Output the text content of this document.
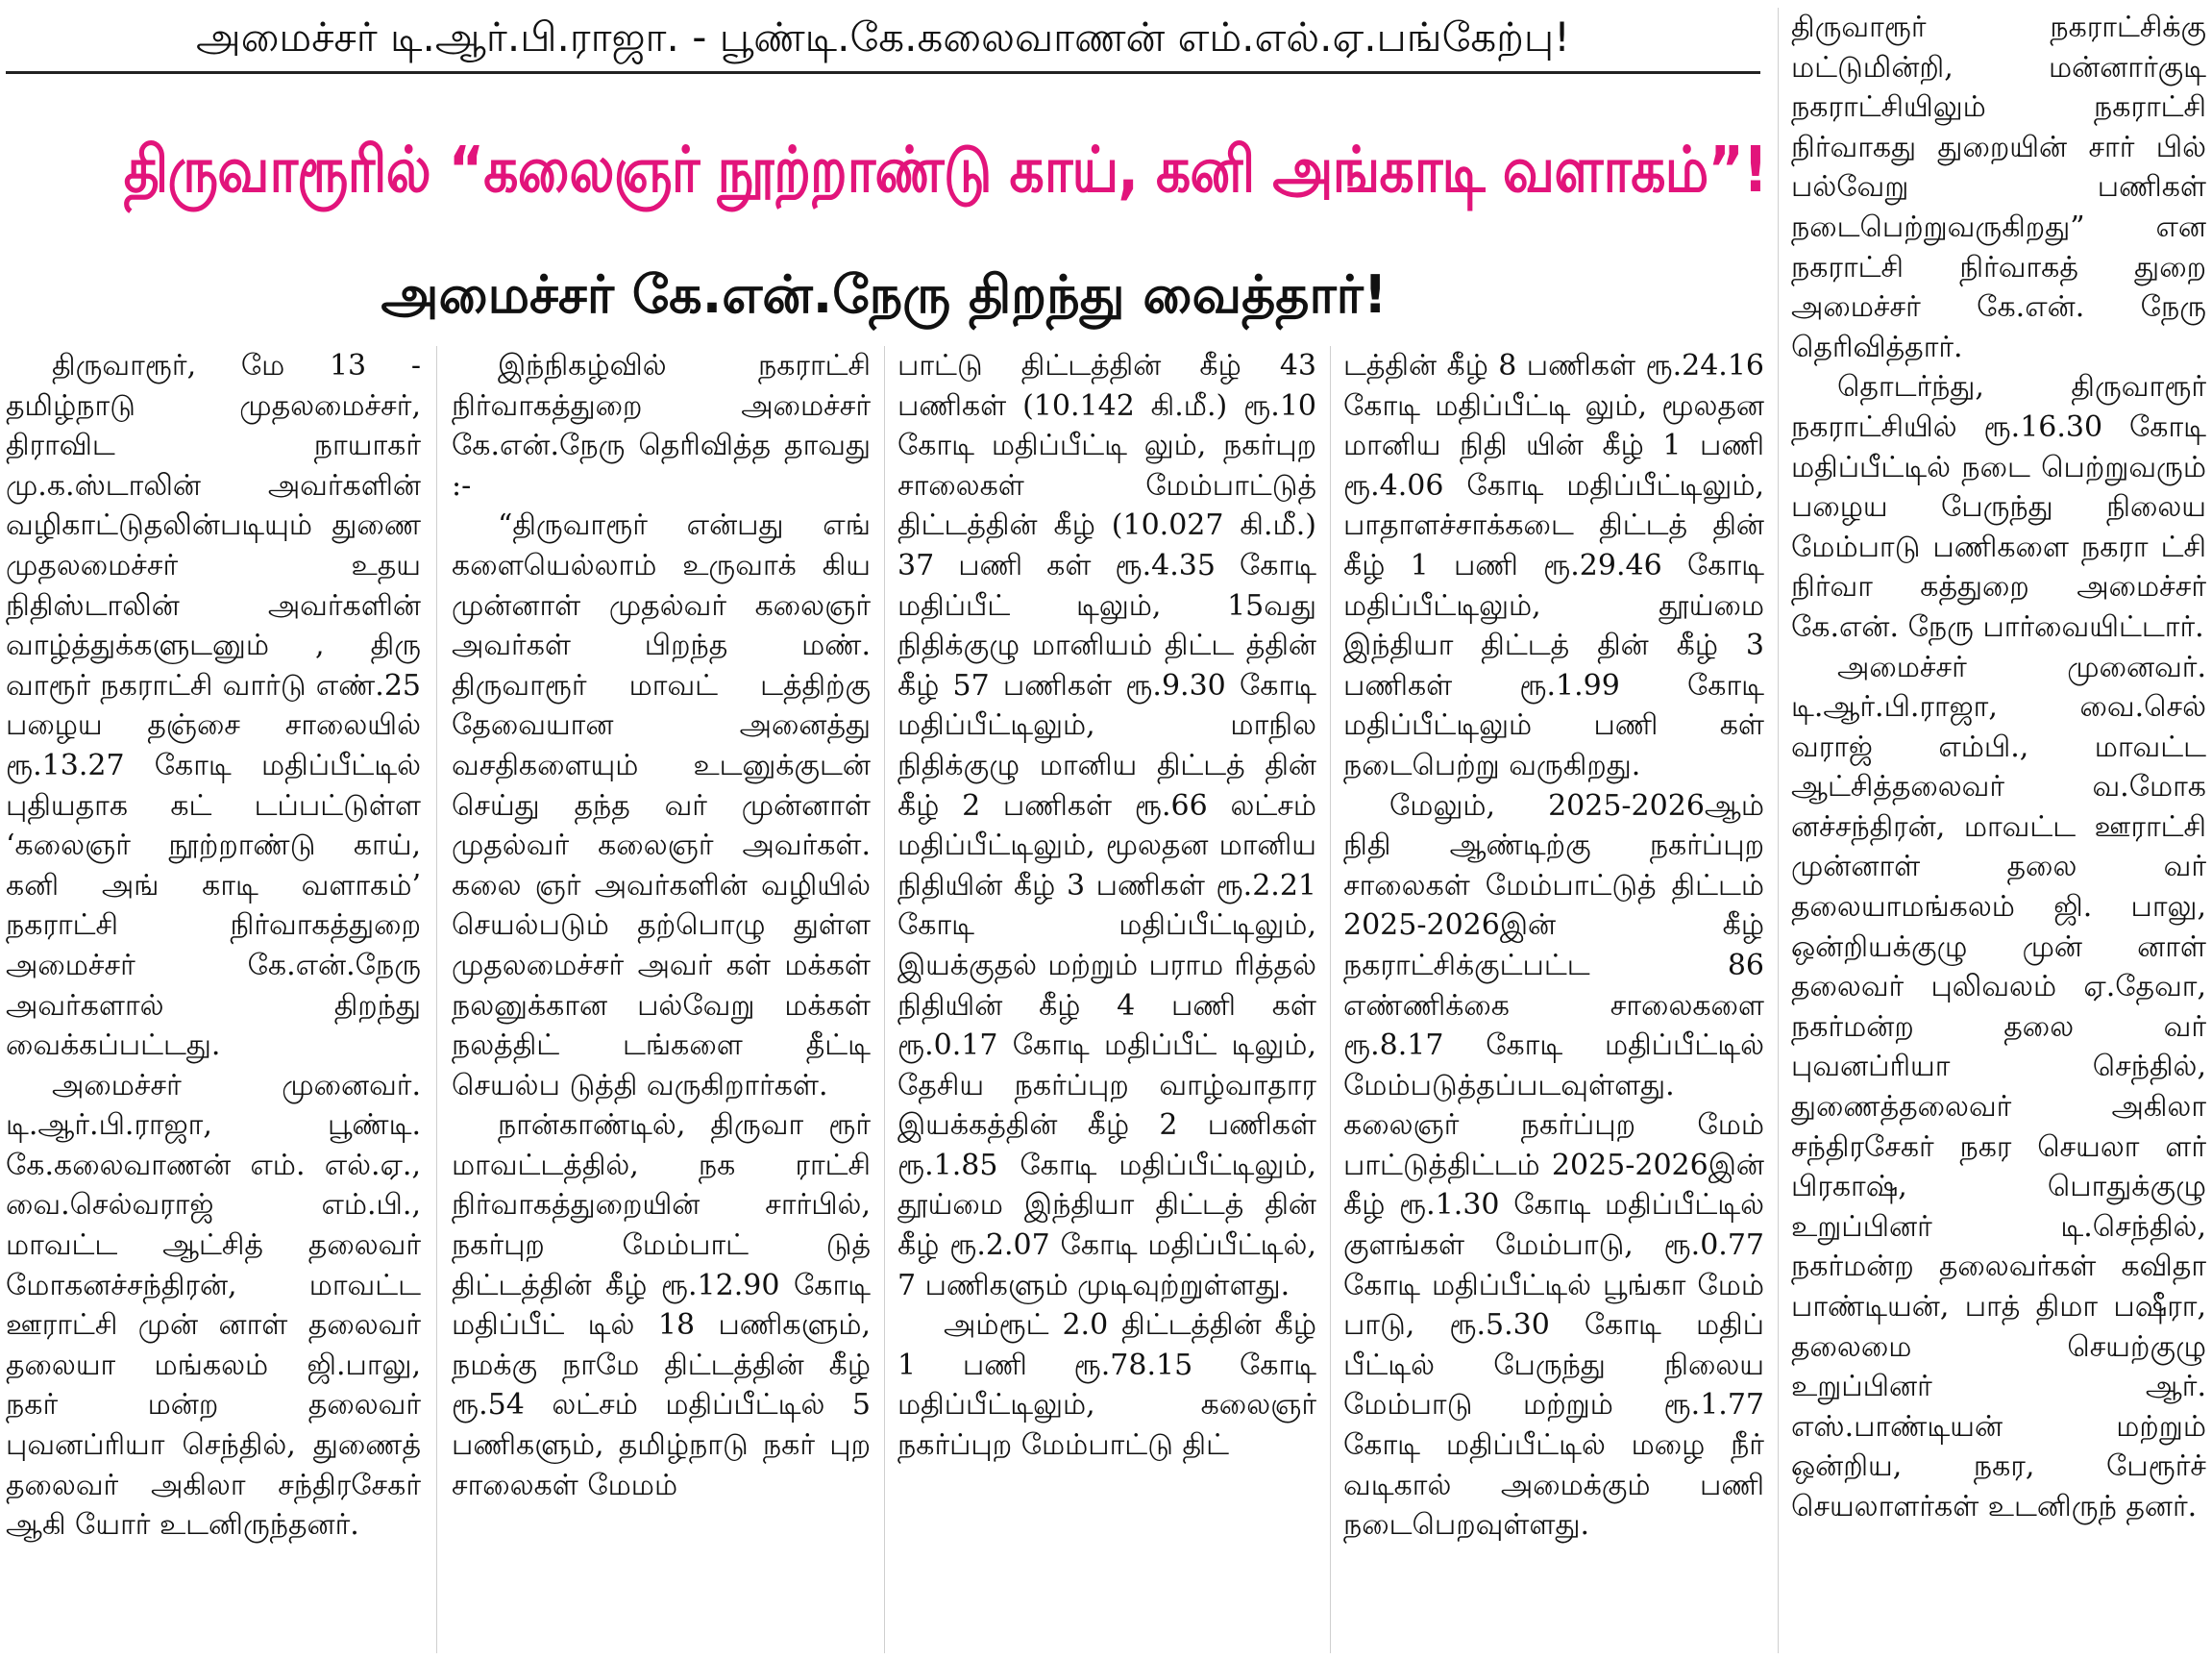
அமைச்சர் டி.ஆர்.பி.ராஜா. - பூண்டி.கே.கலைவாணன் எம்.எல்.ஏ.பங்கேற்பு!
திருவாரூரில் “கலைஞர் நூற்றாண்டு காய், கனி அங்காடி வளாகம்”!
அமைச்சர் கே.என்.நேரு திறந்து வைத்தார்!

திருவாரூர், மே 13 - தமிழ்நாடு முதலமைச்சர், திராவிட நாயாகர் மு.க.ஸ்டாலின் அவர்களின் வழிகாட்டுதலின்படியும் துணை முதலமைச்சர் உதய நிதிஸ்டாலின் அவர்களின் வாழ்த்துக்களுடனும் , திரு வாரூர் நகராட்சி வார்டு எண்.25 பழைய தஞ்சை சாலையில் ரூ.13.27 கோடி மதிப்பீட்டில் புதியதாக கட் டப்பட்டுள்ள ‘கலைஞர் நூற்றாண்டு காய், கனி அங் காடி வளாகம்’ நகராட்சி நிர்வாகத்துறை அமைச்சர் கே.என்.நேரு அவர்களால் திறந்து வைக்கப்பட்டது.

அமைச்சர் முனைவர். டி.ஆர்.பி.ராஜா, பூண்டி. கே.கலைவாணன் எம். எல்.ஏ., வை.செல்வராஜ் எம்.பி., மாவட்ட ஆட்சித் தலைவர் மோகனச்சந்திரன், மாவட்ட ஊராட்சி முன் னாள் தலைவர் தலையா மங்கலம் ஜி.பாலு, நகர் மன்ற தலைவர் புவனப்ரியா செந்தில், துணைத் தலைவர் அகிலா சந்திரசேகர் ஆகி யோர் உடனிருந்தனர்.

இந்நிகழ்வில் நகராட்சி நிர்வாகத்துறை அமைச்சர் கே.என்.நேரு தெரிவித்த தாவது :-

“திருவாரூர் என்பது எங் களையெல்லாம் உருவாக் கிய முன்னாள் முதல்வர் கலைஞர் அவர்கள் பிறந்த மண். திருவாரூர் மாவட் டத்திற்கு தேவையான அனைத்து வசதிகளையும் உடனுக்குடன் செய்து தந்த வர் முன்னாள் முதல்வர் கலைஞர் அவர்கள். கலை ஞர் அவர்களின் வழியில் செயல்படும் தற்பொழு துள்ள முதலமைச்சர் அவர் கள் மக்கள் நலனுக்கான பல்வேறு மக்கள் நலத்திட் டங்களை தீட்டி செயல்ப டுத்தி வருகிறார்கள்.

நான்காண்டில், திருவா ரூர் மாவட்டத்தில், நக ராட்சி நிர்வாகத்துறையின் சார்பில், நகர்புற மேம்பாட் டுத் திட்டத்தின் கீழ் ரூ.12.90 கோடி மதிப்பீட் டில் 18 பணிகளும், நமக்கு நாமே திட்டத்தின் கீழ் ரூ.54 லட்சம் மதிப்பீட்டில் 5 பணிகளும், தமிழ்நாடு நகர் புற சாலைகள் மேமம்

பாட்டு திட்டத்தின் கீழ் 43 பணிகள் (10.142 கி.மீ.) ரூ.10 கோடி மதிப்பீட்டி லும், நகர்புற சாலைகள் மேம்பாட்டுத் திட்டத்தின் கீழ் (10.027 கி.மீ.) 37 பணி கள் ரூ.4.35 கோடி மதிப்பீட் டிலும், 15வது நிதிக்குழு மானியம் திட்ட த்தின் கீழ் 57 பணிகள் ரூ.9.30 கோடி மதிப்பீட்டிலும், மாநில நிதிக்குழு மானிய திட்டத் தின் கீழ் 2 பணிகள் ரூ.66 லட்சம் மதிப்பீட்டிலும், மூலதன மானிய நிதியின் கீழ் 3 பணிகள் ரூ.2.21 கோடி மதிப்பீட்டிலும், இயக்குதல் மற்றும் பராம ரித்தல் நிதியின் கீழ் 4 பணி கள் ரூ.0.17 கோடி மதிப்பீட் டிலும், தேசிய நகர்ப்புற வாழ்வாதார இயக்கத்தின் கீழ் 2 பணிகள் ரூ.1.85 கோடி மதிப்பீட்டிலும், தூய்மை இந்தியா திட்டத் தின் கீழ் ரூ.2.07 கோடி மதிப்பீட்டில், 7 பணிகளும் முடிவுற்றுள்ளது.

அம்ரூட் 2.0 திட்டத்தின் கீழ் 1 பணி ரூ.78.15 கோடி மதிப்பீட்டிலும், கலைஞர் நகர்ப்புற மேம்பாட்டு திட்

டத்தின் கீழ் 8 பணிகள் ரூ.24.16 கோடி மதிப்பீட்டி லும், மூலதன மானிய நிதி யின் கீழ் 1 பணி ரூ.4.06 கோடி மதிப்பீட்டிலும், பாதாளச்சாக்கடை திட்டத் தின் கீழ் 1 பணி ரூ.29.46 கோடி மதிப்பீட்டிலும், தூய்மை இந்தியா திட்டத் தின் கீழ் 3 பணிகள் ரூ.1.99 கோடி மதிப்பீட்டிலும் பணி கள் நடைபெற்று வருகிறது.

மேலும், 2025-2026ஆம் நிதி ஆண்டிற்கு நகர்ப்புற சாலைகள் மேம்பாட்டுத் திட்டம் 2025-2026இன் கீழ் நகராட்சிக்குட்பட்ட 86 எண்ணிக்கை சாலைகளை ரூ.8.17 கோடி மதிப்பீட்டில் மேம்படுத்தப்படவுள்ளது. கலைஞர் நகர்ப்புற மேம் பாட்டுத்திட்டம் 2025-2026இன் கீழ் ரூ.1.30 கோடி மதிப்பீட்டில் குளங்கள் மேம்பாடு, ரூ.0.77 கோடி மதிப்பீட்டில் பூங்கா மேம் பாடு, ரூ.5.30 கோடி மதிப் பீட்டில் பேருந்து நிலைய மேம்பாடு மற்றும் ரூ.1.77 கோடி மதிப்பீட்டில் மழை நீர் வடிகால் அமைக்கும் பணி நடைபெறவுள்ளது.

திருவாரூர் நகராட்சிக்கு மட்டுமின்றி, மன்னார்குடி நகராட்சியிலும் நகராட்சி நிர்வாகது துறையின் சார் பில் பல்வேறு பணிகள் நடைபெற்றுவருகிறது” என நகராட்சி நிர்வாகத் துறை அமைச்சர் கே.என். நேரு தெரிவித்தார்.

தொடர்ந்து, திருவாரூர் நகராட்சியில் ரூ.16.30 கோடி மதிப்பீட்டில் நடை பெற்றுவரும் பழைய பேருந்து நிலைய மேம்பாடு பணிகளை நகரா ட்சி நிர்வா கத்துறை அமைச்சர் கே.என். நேரு பார்வையிட்டார்.

அமைச்சர் முனைவர். டி.ஆர்.பி.ராஜா, வை.செல் வராஜ் எம்பி., மாவட்ட ஆட்சித்தலைவர் வ.மோக னச்சந்திரன், மாவட்ட ஊராட்சி முன்னாள் தலை வர் தலையாமங்கலம் ஜி. பாலு, ஒன்றியக்குழு முன் னாள் தலைவர் புலிவலம் ஏ.தேவா, நகர்மன்ற தலை வர் புவனப்ரியா செந்தில், துணைத்தலைவர் அகிலா சந்திரசேகர் நகர செயலா ளர் பிரகாஷ், பொதுக்குழு உறுப்பினர் டி.செந்தில், நகர்மன்ற தலைவர்கள் கவிதா பாண்டியன், பாத் திமா பஷீரா, தலைமை செயற்குழு உறுப்பினர் ஆர். எஸ்.பாண்டியன் மற்றும் ஒன்றிய, நகர, பேரூர்ச் செயலாளர்கள் உடனிருந் தனர்.
